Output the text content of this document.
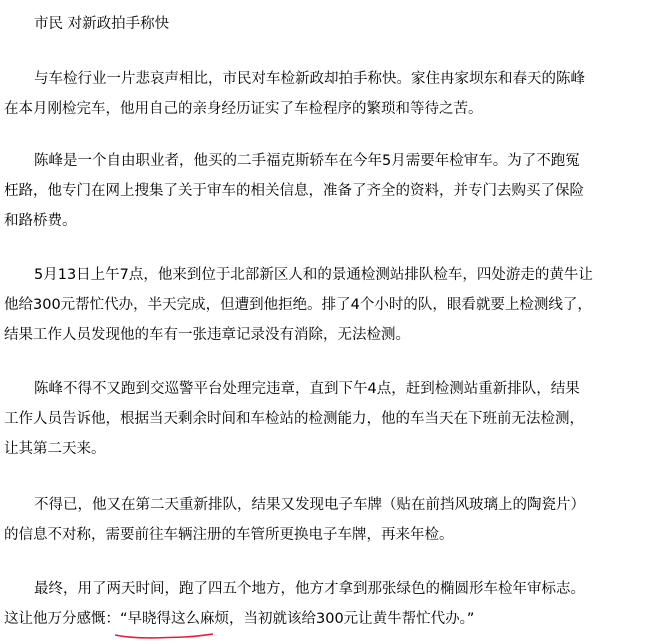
市民 对新政拍手称快
与车检行业一片悲哀声相比，市民对车检新政却拍手称快。家住冉家坝东和春天的陈峰
在本月刚检完车，他用自己的亲身经历证实了车检程序的繁琐和等待之苦。
陈峰是一个自由职业者，他买的二手福克斯轿车在今年5月需要年检审车。为了不跑冤
枉路，他专门在网上搜集了关于审车的相关信息，准备了齐全的资料，并专门去购买了保险
和路桥费。
5月13日上午7点，他来到位于北部新区人和的景通检测站排队检车，四处游走的黄牛让
他给300元帮忙代办，半天完成，但遭到他拒绝。排了4个小时的队，眼看就要上检测线了，
结果工作人员发现他的车有一张违章记录没有消除，无法检测。
陈峰不得不又跑到交巡警平台处理完违章，直到下午4点，赶到检测站重新排队，结果
工作人员告诉他，根据当天剩余时间和车检站的检测能力，他的车当天在下班前无法检测，
让其第二天来。
不得已，他又在第二天重新排队，结果又发现电子车牌（贴在前挡风玻璃上的陶瓷片）
的信息不对称，需要前往车辆注册的车管所更换电子车牌，再来年检。
最终，用了两天时间，跑了四五个地方，他方才拿到那张绿色的椭圆形车检年审标志。
这让他万分感慨：“早晓得这么麻烦，当初就该给300元让黄牛帮忙代办。”
